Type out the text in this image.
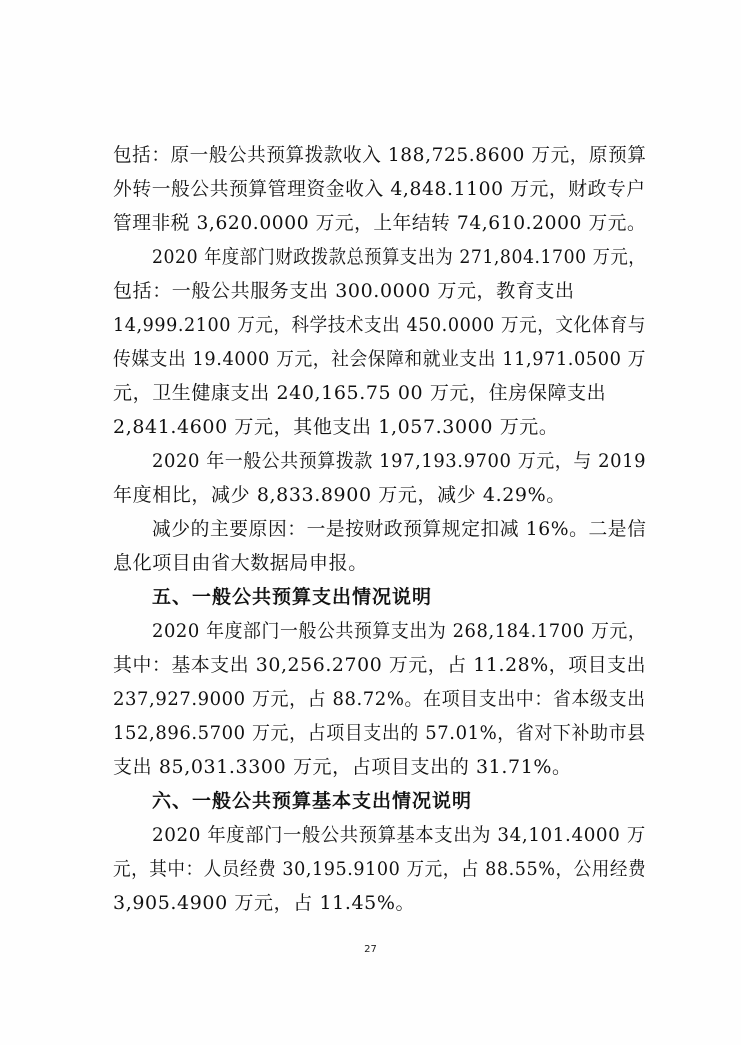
包括：原一般公共预算拨款收入 188,725.8600 万元，原预算
外转一般公共预算管理资金收入 4,848.1100 万元，财政专户
管理非税 3,620.0000 万元，上年结转 74,610.2000 万元。
2020 年度部门财政拨款总预算支出为 271,804.1700 万元，
包括：一般公共服务支出 300.0000 万元，教育支出
14,999.2100 万元，科学技术支出 450.0000 万元，文化体育与
传媒支出 19.4000 万元，社会保障和就业支出 11,971.0500 万
元，卫生健康支出 240,165.75 00 万元，住房保障支出
2,841.4600 万元，其他支出 1,057.3000 万元。
2020 年一般公共预算拨款 197,193.9700 万元，与 2019
年度相比，减少 8,833.8900 万元，减少 4.29%。
减少的主要原因：一是按财政预算规定扣减 16%。二是信
息化项目由省大数据局申报。
五、一般公共预算支出情况说明
2020 年度部门一般公共预算支出为 268,184.1700 万元，
其中：基本支出 30,256.2700 万元，占 11.28%，项目支出
237,927.9000 万元，占 88.72%。在项目支出中：省本级支出
152,896.5700 万元，占项目支出的 57.01%，省对下补助市县
支出 85,031.3300 万元，占项目支出的 31.71%。
六、一般公共预算基本支出情况说明
2020 年度部门一般公共预算基本支出为 34,101.4000 万
元，其中：人员经费 30,195.9100 万元，占 88.55%，公用经费
3,905.4900 万元，占 11.45%。
27
